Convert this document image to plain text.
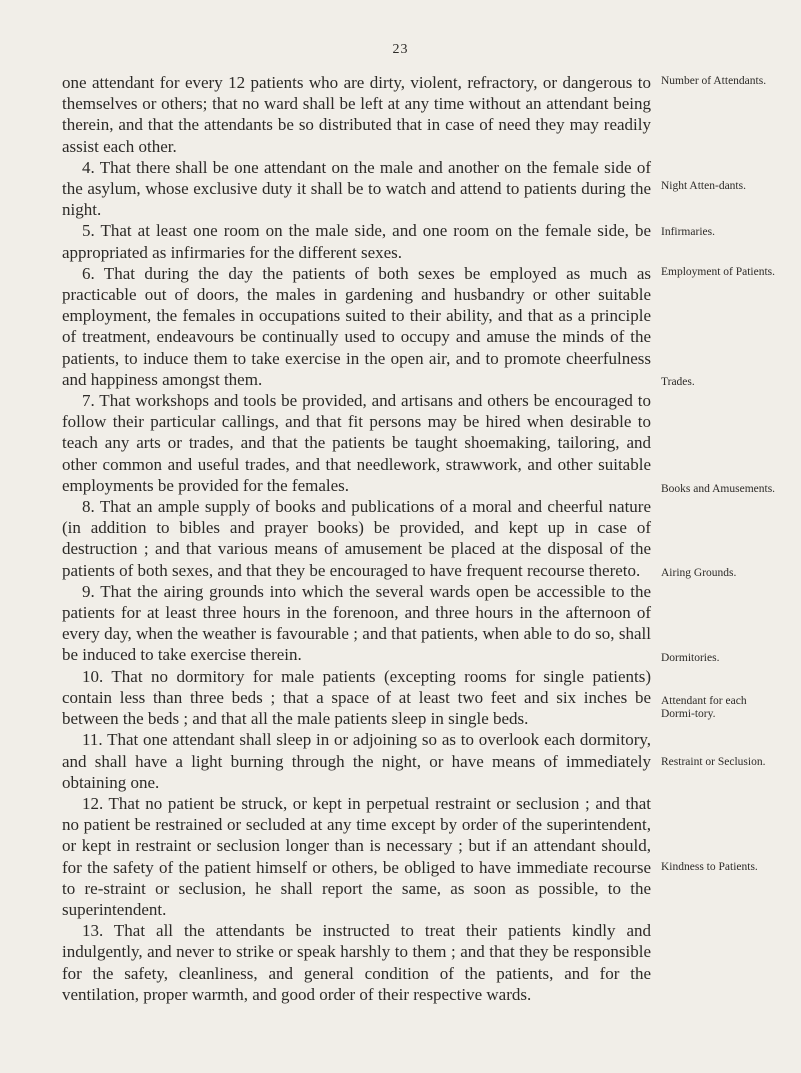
23

one attendant for every 12 patients who are dirty, violent, refractory, or dangerous to themselves or others; that no ward shall be left at any time without an attendant being therein, and that the attendants be so distributed that in case of need they may readily assist each other.

4. That there shall be one attendant on the male and another on the female side of the asylum, whose exclusive duty it shall be to watch and attend to patients during the night.

5. That at least one room on the male side, and one room on the female side, be appropriated as infirmaries for the different sexes.

6. That during the day the patients of both sexes be employed as much as practicable out of doors, the males in gardening and husbandry or other suitable employment, the females in occupations suited to their ability, and that as a principle of treatment, endeavours be continually used to occupy and amuse the minds of the patients, to induce them to take exercise in the open air, and to promote cheerfulness and happiness amongst them.

7. That workshops and tools be provided, and artisans and others be encouraged to follow their particular callings, and that fit persons may be hired when desirable to teach any arts or trades, and that the patients be taught shoemaking, tailoring, and other common and useful trades, and that needlework, strawwork, and other suitable employments be provided for the females.

8. That an ample supply of books and publications of a moral and cheerful nature (in addition to bibles and prayer books) be provided, and kept up in case of destruction ; and that various means of amusement be placed at the disposal of the patients of both sexes, and that they be encouraged to have frequent recourse thereto.

9. That the airing grounds into which the several wards open be accessible to the patients for at least three hours in the forenoon, and three hours in the afternoon of every day, when the weather is favourable ; and that patients, when able to do so, shall be induced to take exercise therein.

10. That no dormitory for male patients (excepting rooms for single patients) contain less than three beds ; that a space of at least two feet and six inches be between the beds ; and that all the male patients sleep in single beds.

11. That one attendant shall sleep in or adjoining so as to overlook each dormitory, and shall have a light burning through the night, or have means of immediately obtaining one.

12. That no patient be struck, or kept in perpetual restraint or seclusion ; and that no patient be restrained or secluded at any time except by order of the superintendent, or kept in restraint or seclusion longer than is necessary ; but if an attendant should, for the safety of the patient himself or others, be obliged to have immediate recourse to re-straint or seclusion, he shall report the same, as soon as possible, to the superintendent.

13. That all the attendants be instructed to treat their patients kindly and indulgently, and never to strike or speak harshly to them ; and that they be responsible for the safety, cleanliness, and general condition of the patients, and for the ventilation, proper warmth, and good order of their respective wards.

Number of Attendants.
Night Atten-dants.
Infirmaries.
Employment of Patients.
Trades.
Books and Amusements.
Airing Grounds.
Dormitories.
Attendant for each Dormi-tory.
Restraint or Seclusion.
Kindness to Patients.
